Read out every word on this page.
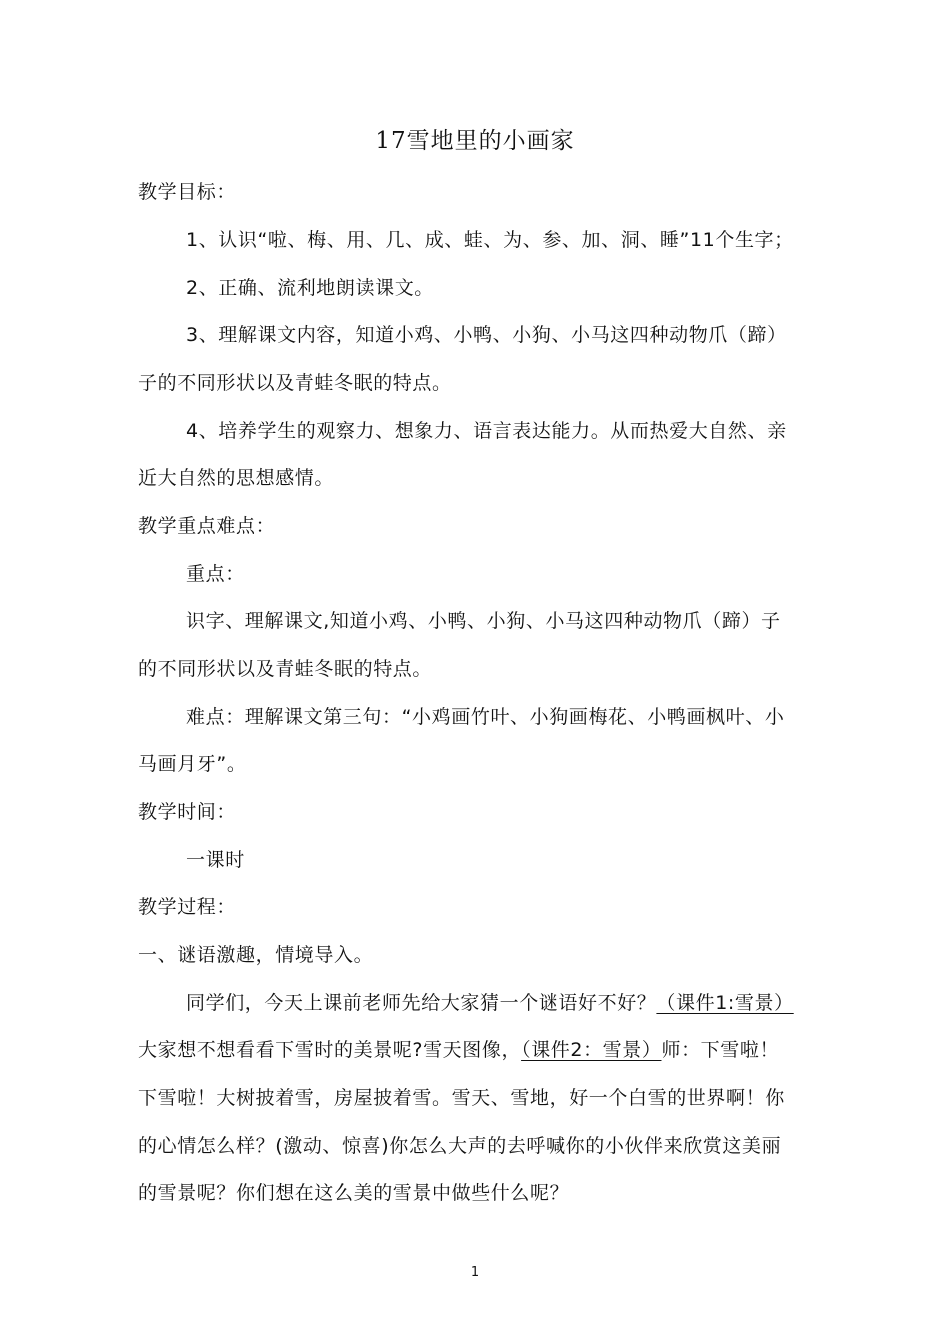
17雪地里的小画家
教学目标：
1、认识“啦、梅、用、几、成、蛙、为、参、加、洞、睡”11个生字；
2、正确、流利地朗读课文。
3、理解课文内容，知道小鸡、小鸭、小狗、小马这四种动物爪（蹄）
子的不同形状以及青蛙冬眠的特点。
4、培养学生的观察力、想象力、语言表达能力。从而热爱大自然、亲
近大自然的思想感情。
教学重点难点：
重点：
识字、理解课文,知道小鸡、小鸭、小狗、小马这四种动物爪（蹄）子
的不同形状以及青蛙冬眠的特点。
难点：理解课文第三句：“小鸡画竹叶、小狗画梅花、小鸭画枫叶、小
马画月牙”。
教学时间：
一课时
教学过程：
一、谜语激趣，情境导入。
同学们，今天上课前老师先给大家猜一个谜语好不好？（课件1:雪景）
大家想不想看看下雪时的美景呢?雪天图像，（课件2：雪景）师：下雪啦！
下雪啦！大树披着雪，房屋披着雪。雪天、雪地，好一个白雪的世界啊！你
的心情怎么样？(激动、惊喜)你怎么大声的去呼喊你的小伙伴来欣赏这美丽
的雪景呢？你们想在这么美的雪景中做些什么呢？
1
